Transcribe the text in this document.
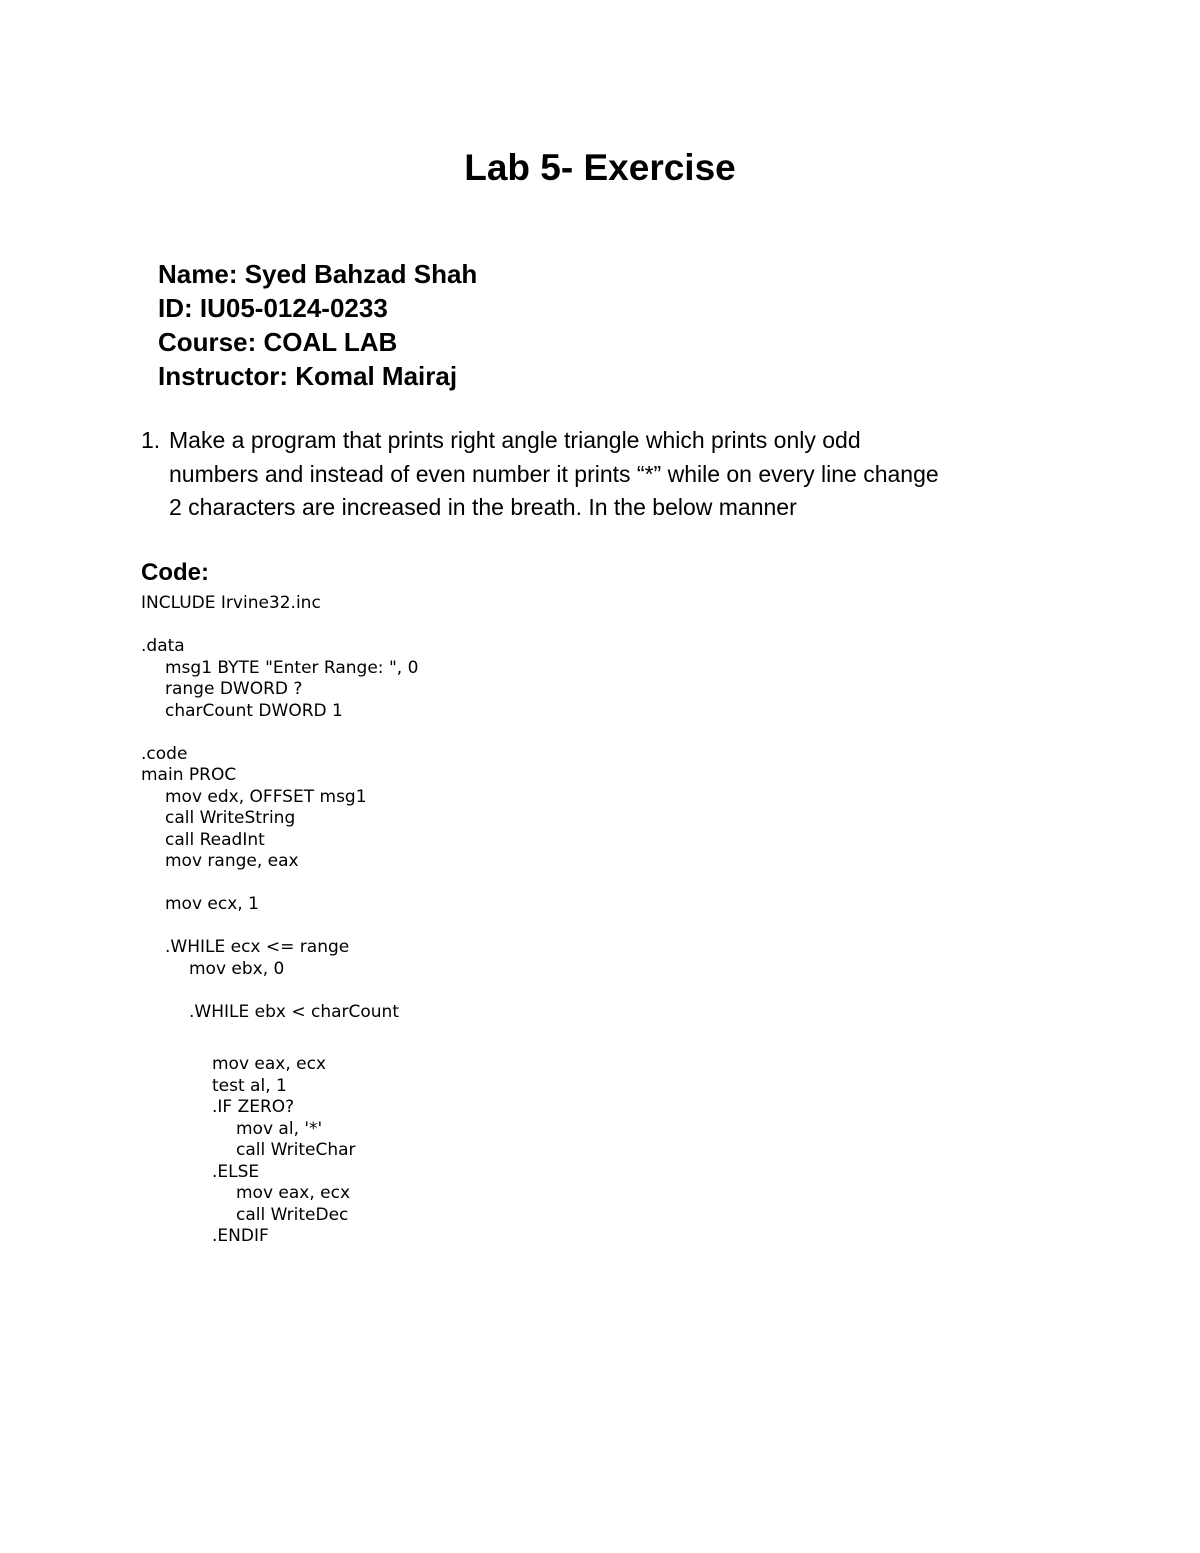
Lab 5- Exercise
Name: Syed Bahzad Shah
ID: IU05-0124-0233
Course: COAL LAB
Instructor: Komal Mairaj
1. Make a program that prints right angle triangle which prints only odd
numbers and instead of even number it prints “*” while on every line change
2 characters are increased in the breath. In the below manner
Code:
INCLUDE Irvine32.inc
.data
msg1 BYTE "Enter Range: ", 0
range DWORD ?
charCount DWORD 1
.code
main PROC
mov edx, OFFSET msg1
call WriteString
call ReadInt
mov range, eax
mov ecx, 1
.WHILE ecx <= range
mov ebx, 0
.WHILE ebx < charCount
mov eax, ecx
test al, 1
.IF ZERO?
mov al, '*'
call WriteChar
.ELSE
mov eax, ecx
call WriteDec
.ENDIF
